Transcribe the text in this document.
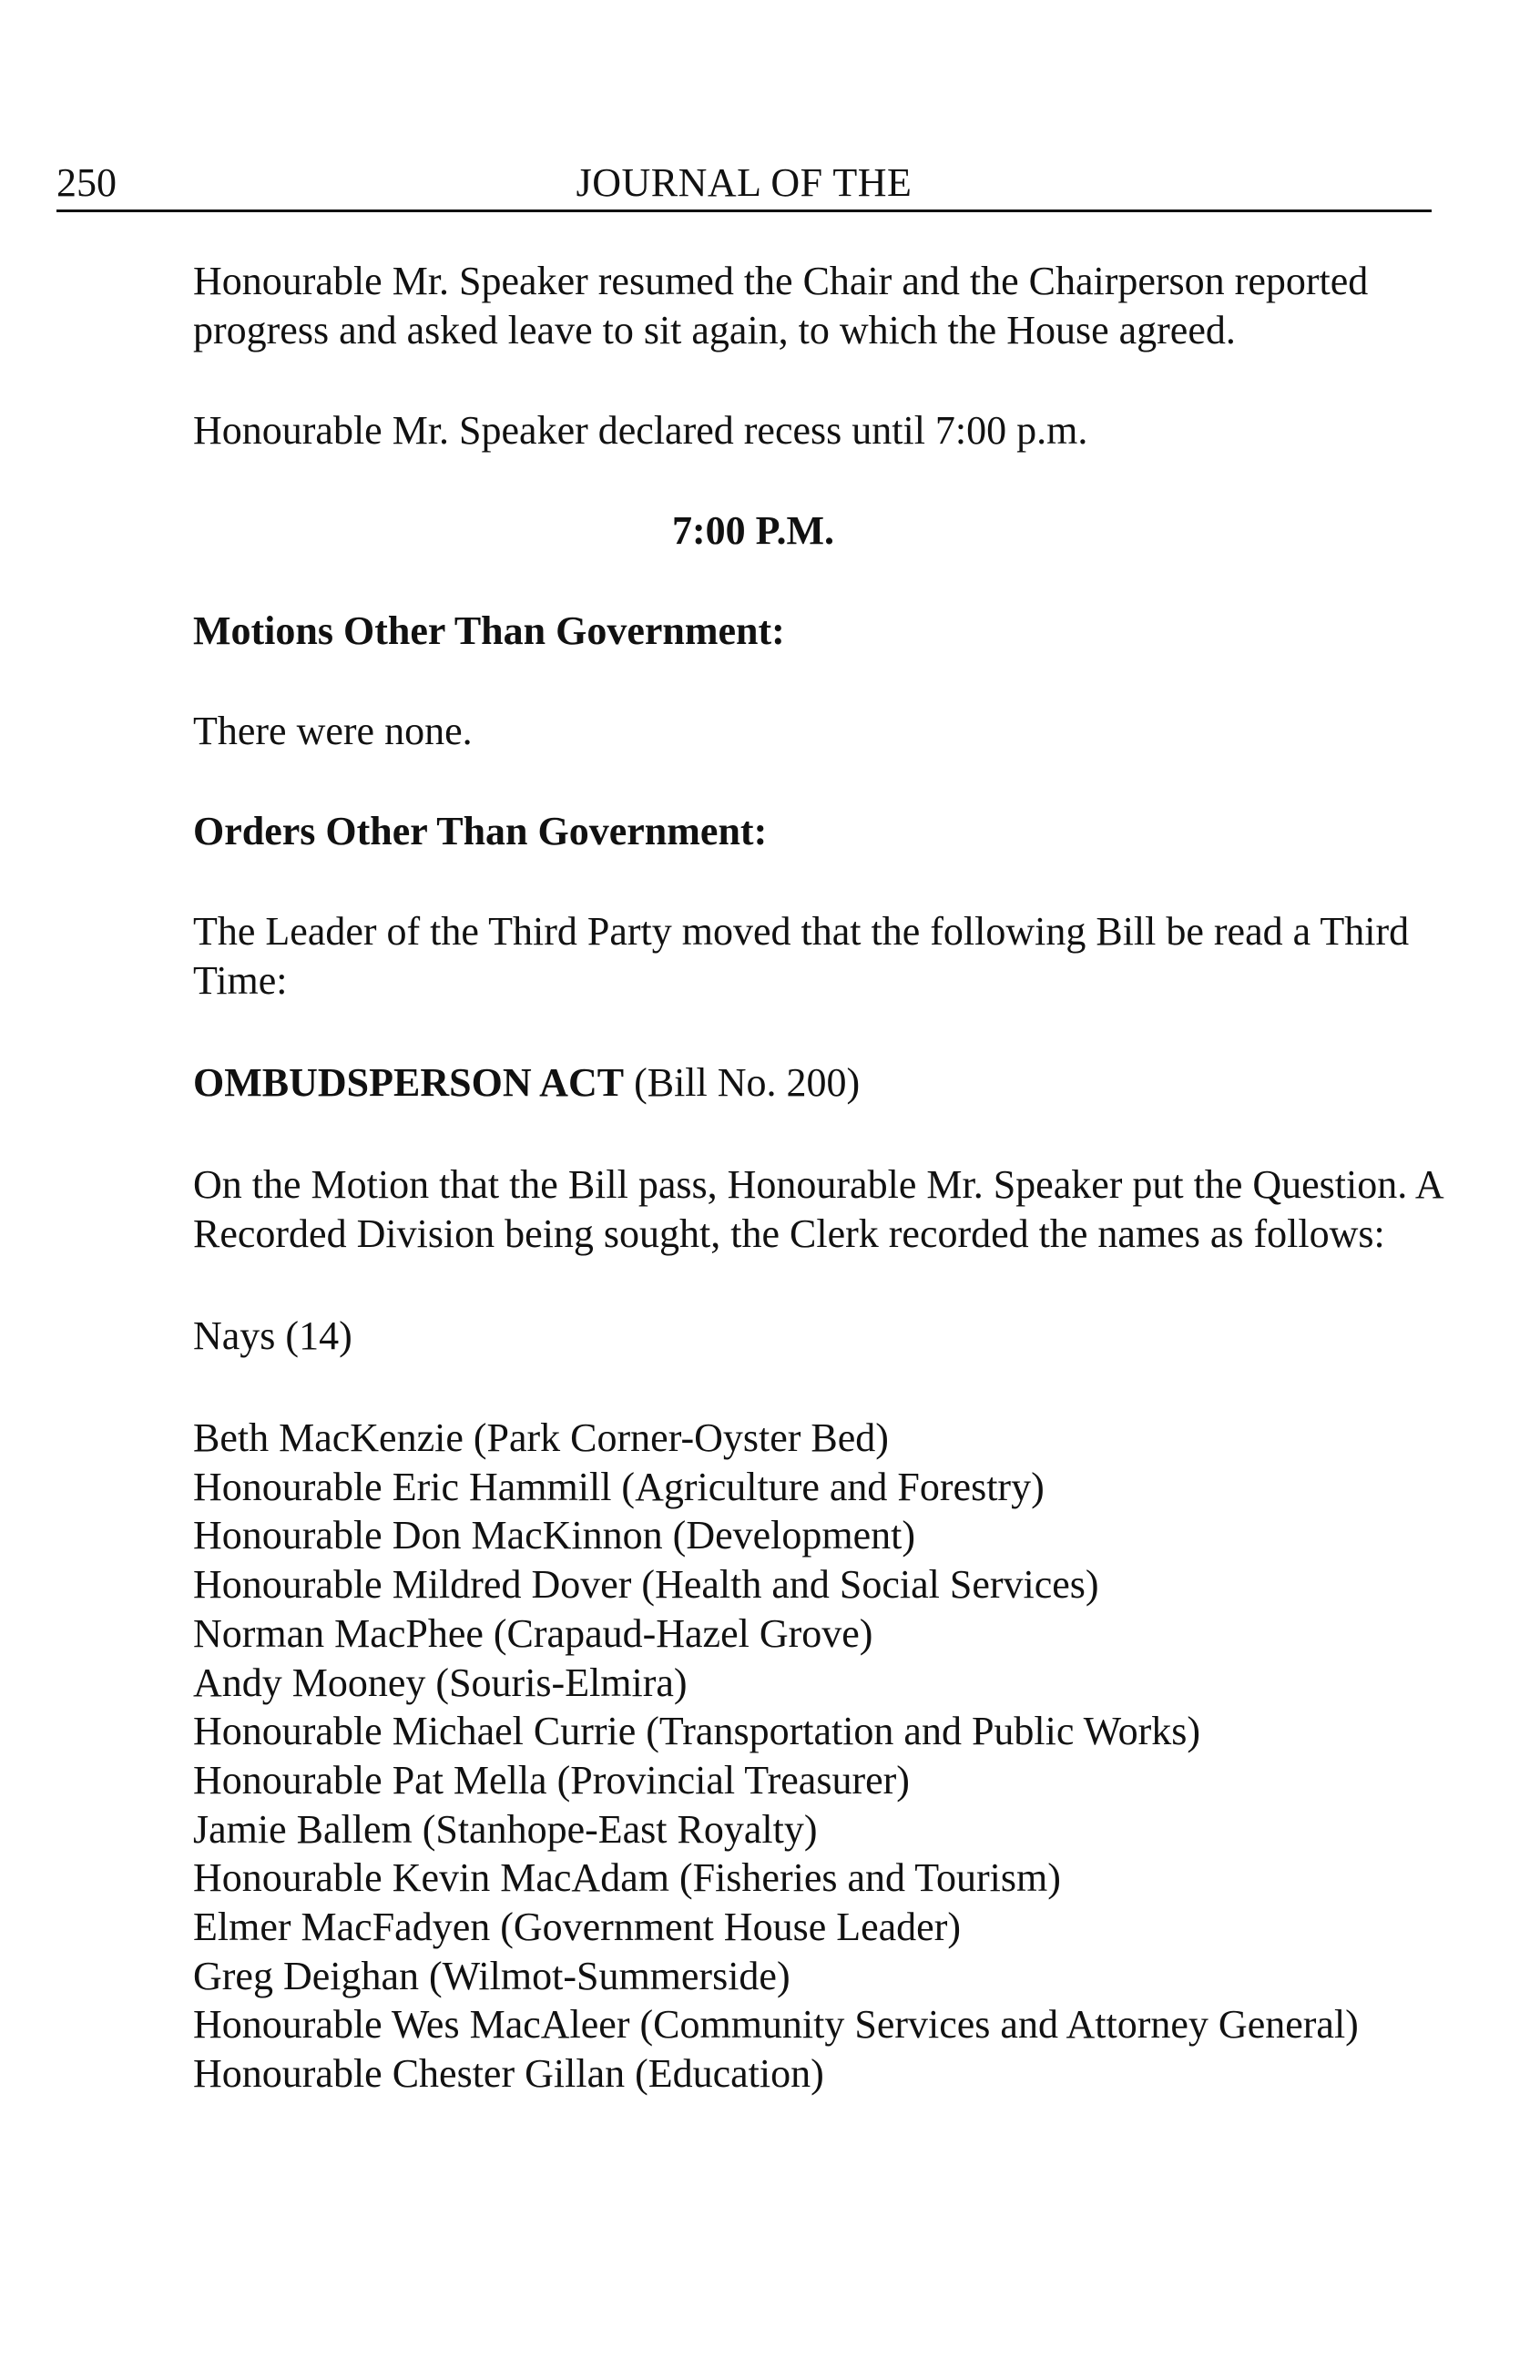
250	JOURNAL OF THE

Honourable Mr. Speaker resumed the Chair and the Chairperson reported progress and asked leave to sit again, to which the House agreed.

Honourable Mr. Speaker declared recess until 7:00 p.m.

7:00 P.M.

Motions Other Than Government:

There were none.

Orders Other Than Government:

The Leader of the Third Party moved that the following Bill be read a Third Time:

OMBUDSPERSON ACT (Bill No. 200)

On the Motion that the Bill pass, Honourable Mr. Speaker put the Question. A Recorded Division being sought, the Clerk recorded the names as follows:

Nays (14)

Beth MacKenzie (Park Corner-Oyster Bed)
Honourable Eric Hammill (Agriculture and Forestry)
Honourable Don MacKinnon (Development)
Honourable Mildred Dover (Health and Social Services)
Norman MacPhee (Crapaud-Hazel Grove)
Andy Mooney (Souris-Elmira)
Honourable Michael Currie (Transportation and Public Works)
Honourable Pat Mella (Provincial Treasurer)
Jamie Ballem (Stanhope-East Royalty)
Honourable Kevin MacAdam (Fisheries and Tourism)
Elmer MacFadyen (Government House Leader)
Greg Deighan (Wilmot-Summerside)
Honourable Wes MacAleer (Community Services and Attorney General)
Honourable Chester Gillan (Education)
